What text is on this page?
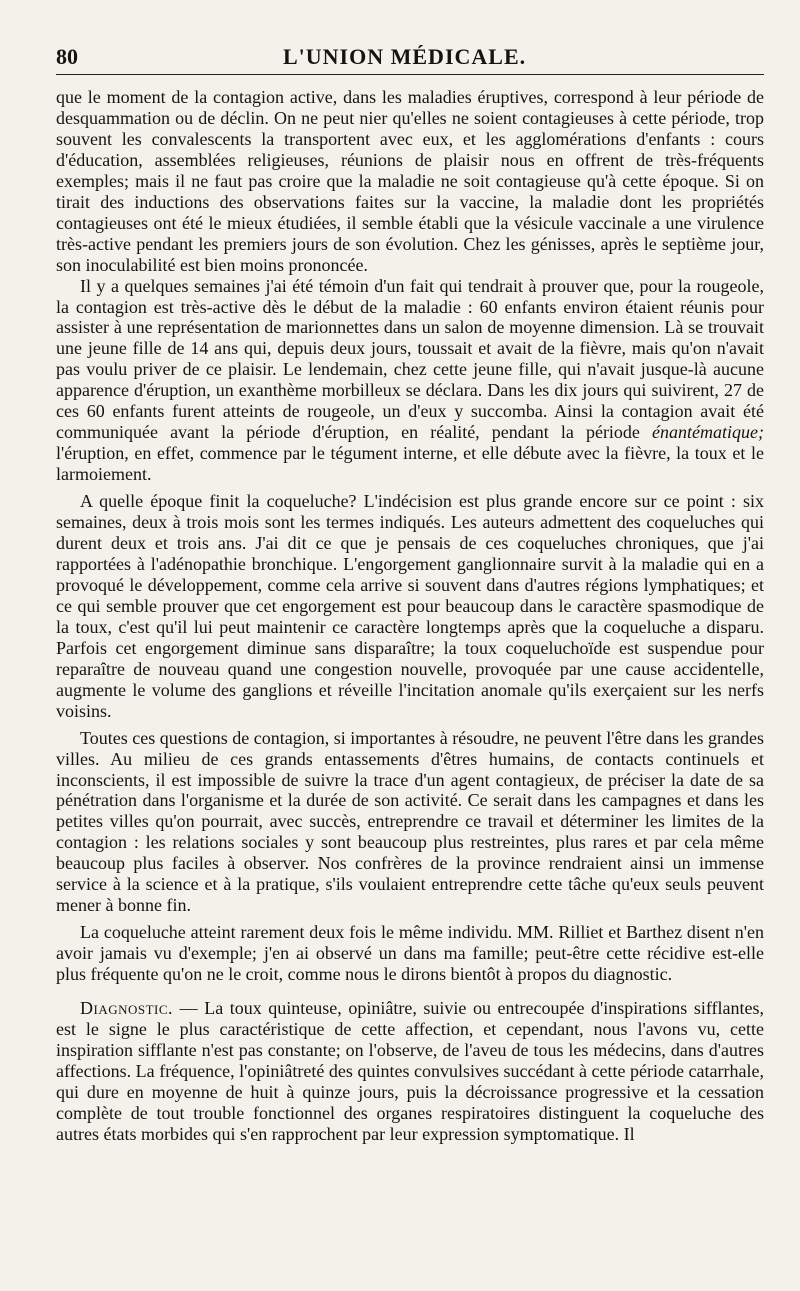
80	L'UNION MÉDICALE.

que le moment de la contagion active, dans les maladies éruptives, correspond à leur période de desquammation ou de déclin. On ne peut nier qu'elles ne soient contagieuses à cette période, trop souvent les convalescents la transportent avec eux, et les agglomérations d'enfants : cours d'éducation, assemblées religieuses, réunions de plaisir nous en offrent de très-fréquents exemples; mais il ne faut pas croire que la maladie ne soit contagieuse qu'à cette époque. Si on tirait des inductions des observations faites sur la vaccine, la maladie dont les propriétés contagieuses ont été le mieux étudiées, il semble établi que la vésicule vaccinale a une virulence très-active pendant les premiers jours de son évolution. Chez les génisses, après le septième jour, son inoculabilité est bien moins prononcée.

Il y a quelques semaines j'ai été témoin d'un fait qui tendrait à prouver que, pour la rougeole, la contagion est très-active dès le début de la maladie : 60 enfants environ étaient réunis pour assister à une représentation de marionnettes dans un salon de moyenne dimension. Là se trouvait une jeune fille de 14 ans qui, depuis deux jours, toussait et avait de la fièvre, mais qu'on n'avait pas voulu priver de ce plaisir. Le lendemain, chez cette jeune fille, qui n'avait jusque-là aucune apparence d'éruption, un exanthème morbilleux se déclara. Dans les dix jours qui suivirent, 27 de ces 60 enfants furent atteints de rougeole, un d'eux y succomba. Ainsi la contagion avait été communiquée avant la période d'éruption, en réalité, pendant la période énantématique; l'éruption, en effet, commence par le tégument interne, et elle débute avec la fièvre, la toux et le larmoiement.

A quelle époque finit la coqueluche? L'indécision est plus grande encore sur ce point : six semaines, deux à trois mois sont les termes indiqués. Les auteurs admettent des coqueluches qui durent deux et trois ans. J'ai dit ce que je pensais de ces coqueluches chroniques, que j'ai rapportées à l'adénopathie bronchique. L'engorgement ganglionnaire survit à la maladie qui en a provoqué le développement, comme cela arrive si souvent dans d'autres régions lymphatiques; et ce qui semble prouver que cet engorgement est pour beaucoup dans le caractère spasmodique de la toux, c'est qu'il lui peut maintenir ce caractère longtemps après que la coqueluche a disparu. Parfois cet engorgement diminue sans disparaître; la toux coqueluchoïde est suspendue pour reparaître de nouveau quand une congestion nouvelle, provoquée par une cause accidentelle, augmente le volume des ganglions et réveille l'incitation anomale qu'ils exerçaient sur les nerfs voisins.

Toutes ces questions de contagion, si importantes à résoudre, ne peuvent l'être dans les grandes villes. Au milieu de ces grands entassements d'êtres humains, de contacts continuels et inconscients, il est impossible de suivre la trace d'un agent contagieux, de préciser la date de sa pénétration dans l'organisme et la durée de son activité. Ce serait dans les campagnes et dans les petites villes qu'on pourrait, avec succès, entreprendre ce travail et déterminer les limites de la contagion : les relations sociales y sont beaucoup plus restreintes, plus rares et par cela même beaucoup plus faciles à observer. Nos confrères de la province rendraient ainsi un immense service à la science et à la pratique, s'ils voulaient entreprendre cette tâche qu'eux seuls peuvent mener à bonne fin.

La coqueluche atteint rarement deux fois le même individu. MM. Rilliet et Barthez disent n'en avoir jamais vu d'exemple; j'en ai observé un dans ma famille; peut-être cette récidive est-elle plus fréquente qu'on ne le croit, comme nous le dirons bientôt à propos du diagnostic.

Diagnostic. — La toux quinteuse, opiniâtre, suivie ou entrecoupée d'inspirations sifflantes, est le signe le plus caractéristique de cette affection, et cependant, nous l'avons vu, cette inspiration sifflante n'est pas constante; on l'observe, de l'aveu de tous les médecins, dans d'autres affections. La fréquence, l'opiniâtreté des quintes convulsives succédant à cette période catarrhale, qui dure en moyenne de huit à quinze jours, puis la décroissance progressive et la cessation complète de tout trouble fonctionnel des organes respiratoires distinguent la coqueluche des autres états morbides qui s'en rapprochent par leur expression symptomatique. Il
